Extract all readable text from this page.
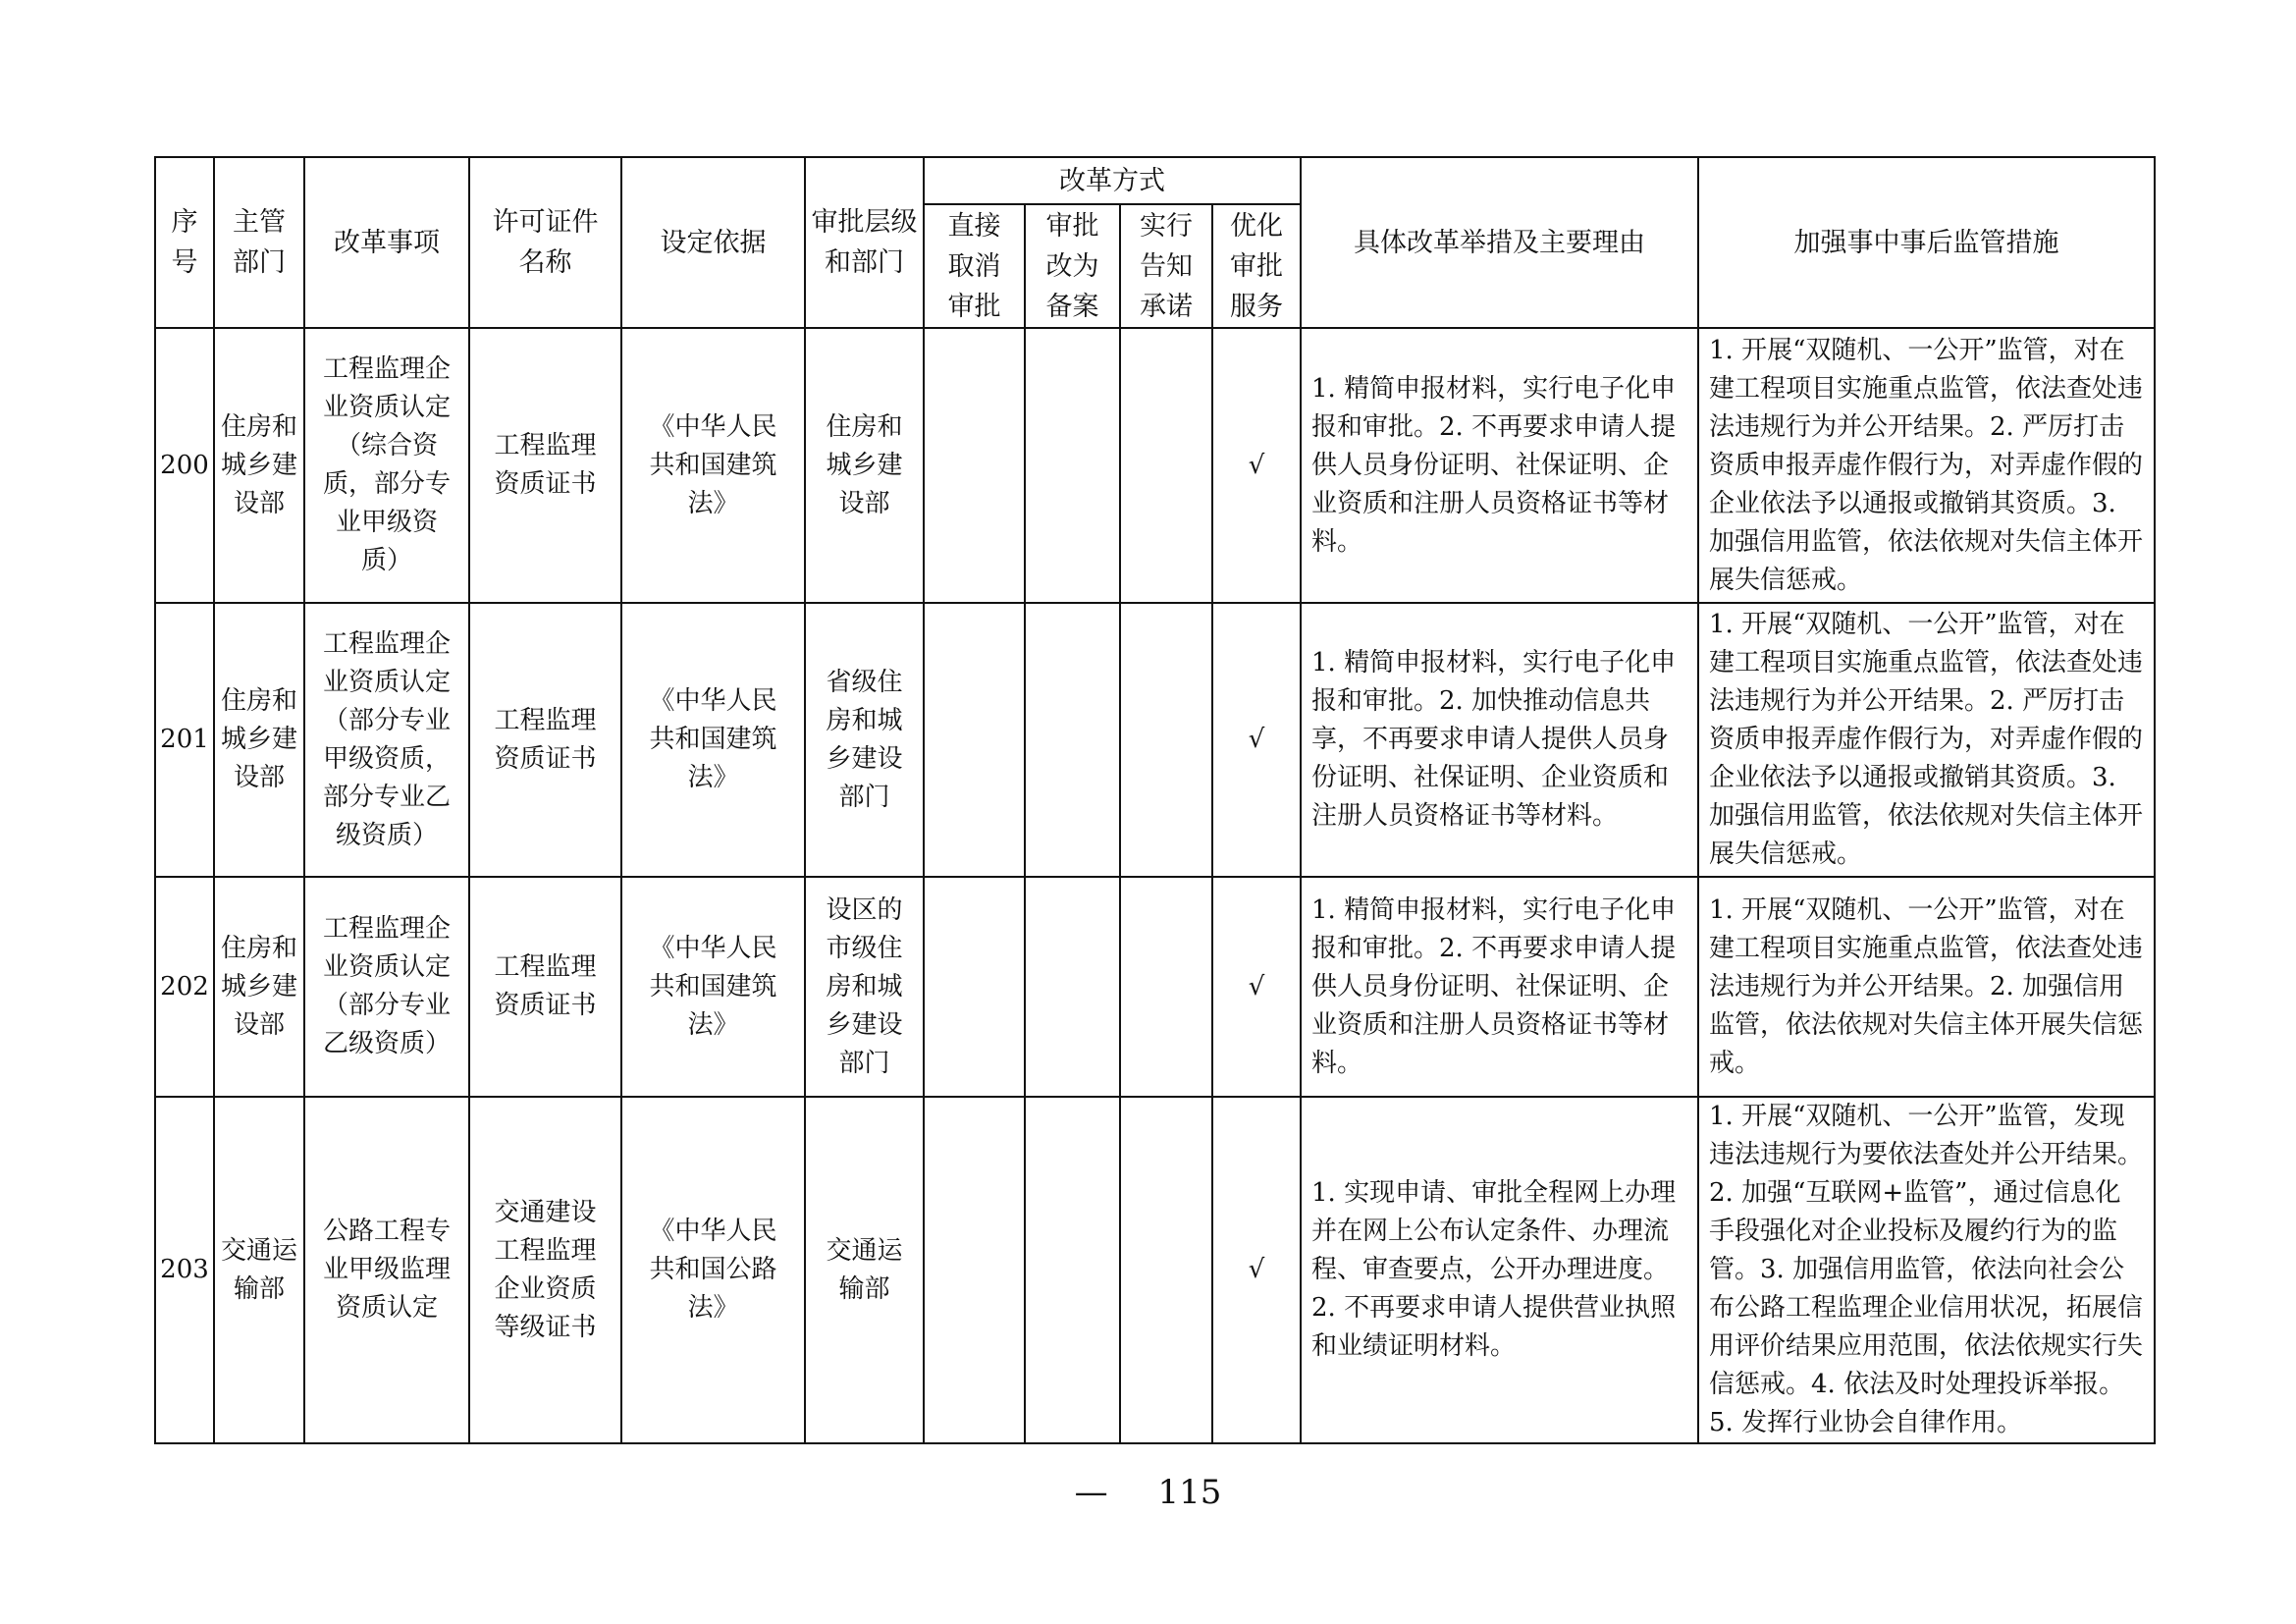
序号	主管部门	改革事项	许可证件名称	设定依据	审批层级和部门	改革方式				具体改革举措及主要理由	加强事中事后监管措施
						直接取消审批	审批改为备案	实行告知承诺	优化审批服务		
200	住房和城乡建设部	工程监理企业资质认定（综合资质，部分专业甲级资质）	工程监理资质证书	《中华人民共和国建筑法》	住房和城乡建设部				√	1. 精简申报材料，实行电子化申报和审批。2. 不再要求申请人提供人员身份证明、社保证明、企业资质和注册人员资格证书等材料。	1. 开展“双随机、一公开”监管，对在建工程项目实施重点监管，依法查处违法违规行为并公开结果。2. 严厉打击资质申报弄虚作假行为，对弄虚作假的企业依法予以通报或撤销其资质。3. 加强信用监管，依法依规对失信主体开展失信惩戒。
201	住房和城乡建设部	工程监理企业资质认定（部分专业甲级资质，部分专业乙级资质）	工程监理资质证书	《中华人民共和国建筑法》	省级住房和城乡建设部门				√	1. 精简申报材料，实行电子化申报和审批。2. 加快推动信息共享，不再要求申请人提供人员身份证明、社保证明、企业资质和注册人员资格证书等材料。	1. 开展“双随机、一公开”监管，对在建工程项目实施重点监管，依法查处违法违规行为并公开结果。2. 严厉打击资质申报弄虚作假行为，对弄虚作假的企业依法予以通报或撤销其资质。3. 加强信用监管，依法依规对失信主体开展失信惩戒。
202	住房和城乡建设部	工程监理企业资质认定（部分专业乙级资质）	工程监理资质证书	《中华人民共和国建筑法》	设区的市级住房和城乡建设部门				√	1. 精简申报材料，实行电子化申报和审批。2. 不再要求申请人提供人员身份证明、社保证明、企业资质和注册人员资格证书等材料。	1. 开展“双随机、一公开”监管，对在建工程项目实施重点监管，依法查处违法违规行为并公开结果。2. 加强信用监管，依法依规对失信主体开展失信惩戒。
203	交通运输部	公路工程专业甲级监理资质认定	交通建设工程监理企业资质等级证书	《中华人民共和国公路法》	交通运输部				√	1. 实现申请、审批全程网上办理并在网上公布认定条件、办理流程、审查要点，公开办理进度。2. 不再要求申请人提供营业执照和业绩证明材料。	1. 开展“双随机、一公开”监管，发现违法违规行为要依法查处并公开结果。2. 加强“互联网+监管”，通过信息化手段强化对企业投标及履约行为的监管。3. 加强信用监管，依法向社会公布公路工程监理企业信用状况，拓展信用评价结果应用范围，依法依规实行失信惩戒。4. 依法及时处理投诉举报。5. 发挥行业协会自律作用。
— 115
